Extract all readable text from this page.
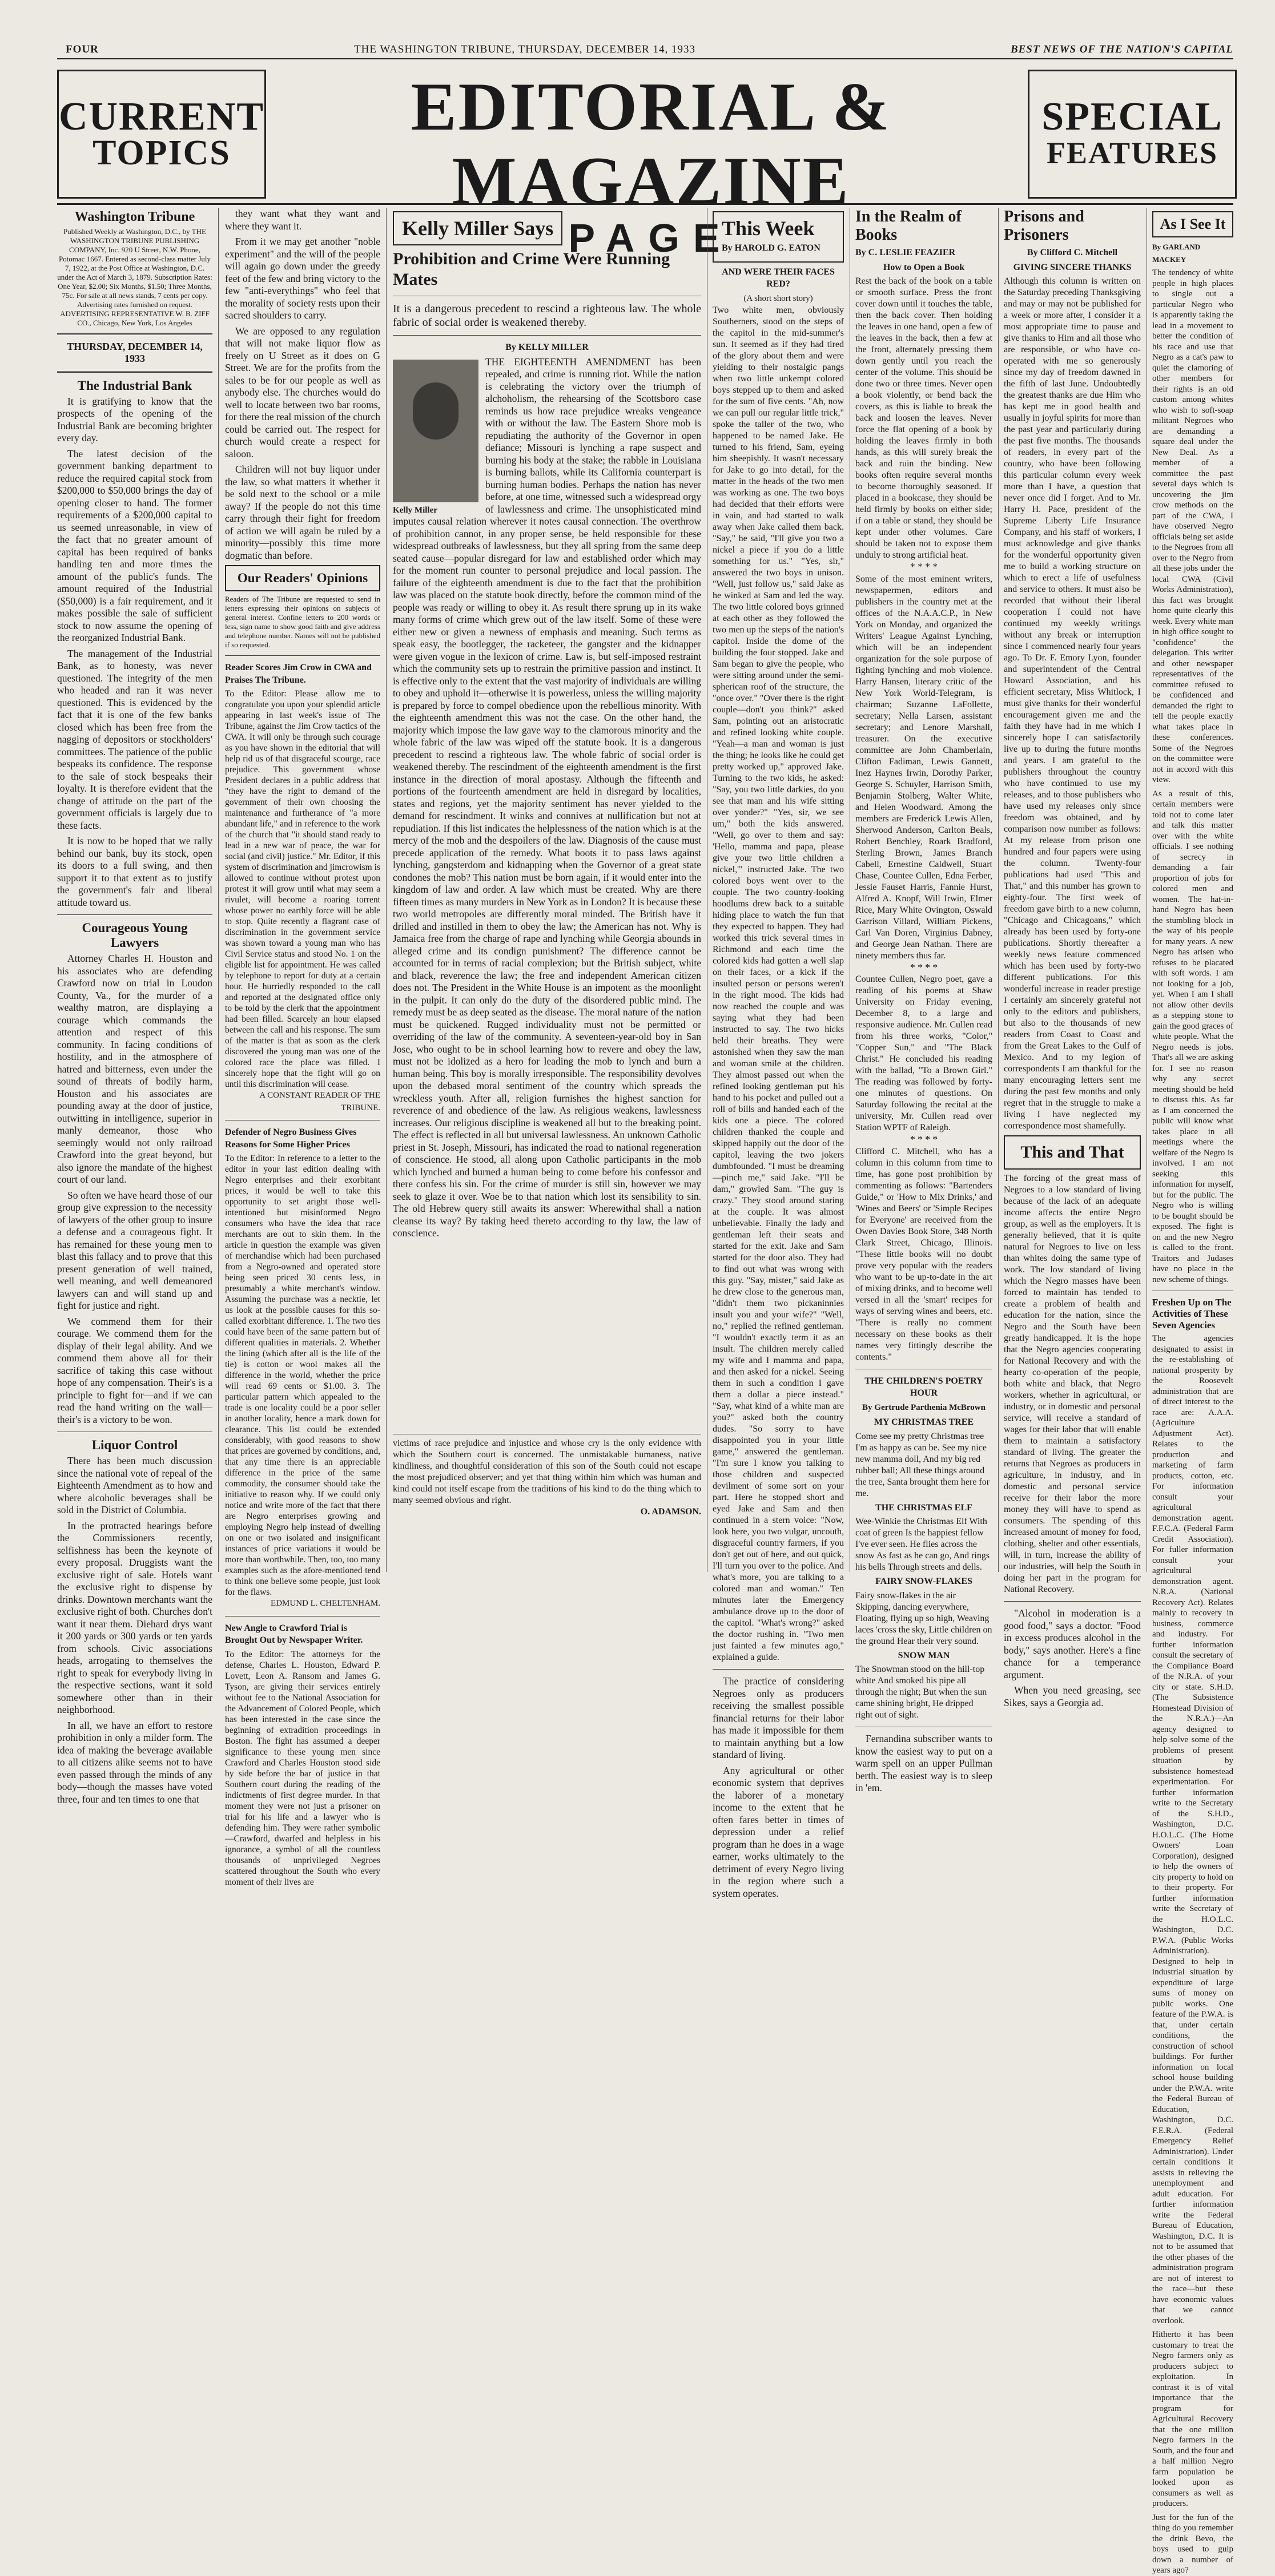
FOUR	THE WASHINGTON TRIBUNE, THURSDAY, DECEMBER 14, 1933	BEST NEWS OF THE NATION'S CAPITAL
CURRENT
TOPICS
EDITORIAL & MAGAZINE
PAGE
SPECIAL
FEATURES
Washington Tribune
Published Weekly at Washington, D.C., by THE WASHINGTON TRIBUNE PUBLISHING COMPANY, Inc. 920 U Street, N.W. Phone, Potomac 1667. Entered as second-class matter July 7, 1922, at the Post Office at Washington, D.C. under the Act of March 3, 1879. Subscription Rates: One Year, $2.00; Six Months, $1.50; Three Months, 75c. For sale at all news stands, 7 cents per copy. Advertising rates furnished on request. ADVERTISING REPRESENTATIVE W. B. ZIFF CO., Chicago, New York, Los Angeles
THURSDAY, DECEMBER 14, 1933
The Industrial Bank

It is gratifying to know that the prospects of the opening of the Industrial Bank are becoming brighter every day.

The latest decision of the government banking department to reduce the required capital stock from $200,000 to $50,000 brings the day of opening closer to hand. The former requirements of a $200,000 capital to us seemed unreasonable, in view of the fact that no greater amount of capital has been required of banks handling ten and more times the amount of the public's funds. The amount required of the Industrial ($50,000) is a fair requirement, and it makes possible the sale of sufficient stock to now assume the opening of the reorganized Industrial Bank.

The management of the Industrial Bank, as to honesty, was never questioned. The integrity of the men who headed and ran it was never questioned. This is evidenced by the fact that it is one of the few banks closed which has been free from the nagging of depositors or stockholders' committees. The patience of the public bespeaks its confidence. The response to the sale of stock bespeaks their loyalty. It is therefore evident that the change of attitude on the part of the government officials is largely due to these facts.

It is now to be hoped that we rally behind our bank, buy its stock, open its doors to a full swing, and then support it to that extent as to justify the government's fair and liberal attitude toward us.

Courageous Young Lawyers

Attorney Charles H. Houston and his associates who are defending Crawford now on trial in Loudon County, Va., for the murder of a wealthy matron, are displaying a courage which commands the attention and respect of this community. In facing conditions of hostility, and in the atmosphere of hatred and bitterness, even under the sound of threats of bodily harm, Houston and his associates are pounding away at the door of justice, outwitting in intelligence, superior in manly demeanor, those who seemingly would not only railroad Crawford into the great beyond, but also ignore the mandate of the highest court of our land.

So often we have heard those of our group give expression to the necessity of lawyers of the other group to insure a defense and a courageous fight. It has remained for these young men to blast this fallacy and to prove that this present generation of well trained, well meaning, and well demeanored lawyers can and will stand up and fight for justice and right.

We commend them for their courage. We commend them for the display of their legal ability. And we commend them above all for their sacrifice of taking this case without hope of any compensation. Their's is a principle to fight for—and if we can read the hand writing on the wall—their's is a victory to be won.

Liquor Control

There has been much discussion since the national vote of repeal of the Eighteenth Amendment as to how and where alcoholic beverages shall be sold in the District of Columbia.

In the protracted hearings before the Commissioners recently, selfishness has been the keynote of every proposal. Druggists want the exclusive right of sale. Hotels want the exclusive right to dispense by drinks. Downtown merchants want the exclusive right of both. Churches don't want it near them. Diehard drys want it 200 yards or 300 yards or ten yards from schools. Civic associations heads, arrogating to themselves the right to speak for everybody living in the respective sections, want it sold somewhere other than in their neighborhood.

In all, we have an effort to restore prohibition in only a milder form. The idea of making the beverage available to all citizens alike seems not to have even passed through the minds of any body—though the masses have voted three, four and ten times to one that

they want what they want and where they want it.

From it we may get another "noble experiment" and the will of the people will again go down under the greedy feet of the few and bring victory to the few "anti-everythings" who feel that the morality of society rests upon their sacred shoulders to carry.

We are opposed to any regulation that will not make liquor flow as freely on U Street as it does on G Street. We are for the profits from the sales to be for our people as well as anybody else. The churches would do well to locate between two bar rooms, for there the real mission of the church could be carried out. The respect for church would create a respect for saloon.

Children will not buy liquor under the law, so what matters it whether it be sold next to the school or a mile away? If the people do not this time carry through their fight for freedom of action we will again be ruled by a minority—possibly this time more dogmatic than before.

Our Readers' Opinions
Readers of The Tribune are requested to send in letters expressing their opinions on subjects of general interest. Confine letters to 200 words or less, sign name to show good faith and give address and telephone number. Names will not be published if so requested.
Reader Scores Jim Crow in CWA and Praises The Tribune.
To the Editor: Please allow me to congratulate you upon your splendid article appearing in last week's issue of The Tribune, against the Jim Crow tactics of the CWA. It will only be through such courage as you have shown in the editorial that will help rid us of that disgraceful scourge, race prejudice. This government whose President declares in a public address that "they have the right to demand of the government of their own choosing the maintenance and furtherance of "a more abundant life," and in reference to the work of the church that "it should stand ready to lead in a new war of peace, the war for social (and civil) justice." Mr. Editor, if this system of discrimination and jimcrowism is allowed to continue without protest upon protest it will grow until what may seem a rivulet, will become a roaring torrent whose power no earthly force will be able to stop. Quite recently a flagrant case of discrimination in the government service was shown toward a young man who has Civil Service status and stood No. 1 on the eligible list for appointment. He was called by telephone to report for duty at a certain hour. He hurriedly responded to the call and reported at the designated office only to be told by the clerk that the appointment had been filled. Scarcely an hour elapsed between the call and his response. The sum of the matter is that as soon as the clerk discovered the young man was one of the colored race the place was filled. I sincerely hope that the fight will go on until this discrimination will cease.
A CONSTANT READER OF THE TRIBUNE.
Defender of Negro Business Gives Reasons for Some Higher Prices
To the Editor: In reference to a letter to the editor in your last edition dealing with Negro enterprises and their exorbitant prices, it would be well to take this opportunity to set aright those well-intentioned but misinformed Negro consumers who have the idea that race merchants are out to skin them. In the article in question the example was given of merchandise which had been purchased from a Negro-owned and operated store being seen priced 30 cents less, in presumably a white merchant's window. Assuming the purchase was a necktie, let us look at the possible causes for this so-called exorbitant difference. 1. The two ties could have been of the same pattern but of different qualities in materials. 2. Whether the lining (which after all is the life of the tie) is cotton or wool makes all the difference in the world, whether the price will read 69 cents or $1.00. 3. The particular pattern which appealed to the trade is one locality could be a poor seller in another locality, hence a mark down for clearance. This list could be extended considerably, with good reasons to show that prices are governed by conditions, and, that any time there is an appreciable difference in the price of the same commodity, the consumer should take the initiative to reason why. If we could only notice and write more of the fact that there are Negro enterprises growing and employing Negro help instead of dwelling on one or two isolated and insignificant instances of price variations it would be more than worthwhile. Then, too, too many examples such as the afore-mentioned tend to think one believe some people, just look for the flaws.
EDMUND L. CHELTENHAM.
New Angle to Crawford Trial is Brought Out by Newspaper Writer.
To the Editor: The attorneys for the defense, Charles L. Houston, Edward P. Lovett, Leon A. Ransom and James G. Tyson, are giving their services entirely without fee to the National Association for the Advancement of Colored People, which has been interested in the case since the beginning of extradition proceedings in Boston. The fight has assumed a deeper significance to these young men since Crawford and Charles Houston stood side by side before the bar of justice in that Southern court during the reading of the indictments of first degree murder. In that moment they were not just a prisoner on trial for his life and a lawyer who is defending him. They were rather symbolic—Crawford, dwarfed and helpless in his ignorance, a symbol of all the countless thousands of unprivileged Negroes scattered throughout the South who every moment of their lives are
Kelly Miller Says
Prohibition and Crime Were Running Mates
It is a dangerous precedent to rescind a righteous law. The whole fabric of social order is weakened thereby.
By KELLY MILLER
Kelly Miller
THE EIGHTEENTH AMENDMENT has been repealed, and crime is running riot. While the nation is celebrating the victory over the triumph of alchoholism, the rehearsing of the Scottsboro case reminds us how race prejudice wreaks vengeance with or without the law. The Eastern Shore mob is repudiating the authority of the Governor in open defiance; Missouri is lynching a rape suspect and burning his body at the stake; the rabble in Louisiana is burning ballots, while its California counterpart is burning human bodies. Perhaps the nation has never before, at one time, witnessed such a widespread orgy of lawlessness and crime. The unsophisticated mind imputes causal relation wherever it notes causal connection. The overthrow of prohibition cannot, in any proper sense, be held responsible for these widespread outbreaks of lawlessness, but they all spring from the same deep seated cause—popular disregard for law and established order which may for the moment run counter to personal prejudice and local passion. The failure of the eighteenth amendment is due to the fact that the prohibition law was placed on the statute book directly, before the common mind of the people was ready or willing to obey it. As result there sprung up in its wake many forms of crime which grew out of the law itself. Some of these were either new or given a newness of emphasis and meaning. Such terms as speak easy, the bootlegger, the racketeer, the gangster and the kidnapper were given vogue in the lexicon of crime. Law is, but self-imposed restraint which the community sets up to restrain the primitive passion and instinct. It is effective only to the extent that the vast majority of individuals are willing to obey and uphold it—otherwise it is powerless, unless the willing majority is prepared by force to compel obedience upon the rebellious minority. With the eighteenth amendment this was not the case. On the other hand, the majority which impose the law gave way to the clamorous minority and the whole fabric of the law was wiped off the statute book. It is a dangerous precedent to rescind a righteous law. The whole fabric of social order is weakened thereby. The rescindment of the eighteenth amendment is the first instance in the direction of moral apostasy. Although the fifteenth and portions of the fourteenth amendment are held in disregard by localities, states and regions, yet the majority sentiment has never yielded to the demand for rescindment. It winks and connives at nullification but not at repudiation. If this list indicates the helplessness of the nation which is at the mercy of the mob and the despoilers of the law. Diagnosis of the cause must precede application of the remedy. What boots it to pass laws against lynching, gangsterdom and kidnapping when the Governor of a great state condones the mob? This nation must be born again, if it would enter into the kingdom of law and order. A law which must be created. Why are there fifteen times as many murders in New York as in London? It is because these two world metropoles are differently moral minded. The British have it drilled and instilled in them to obey the law; the American has not. Why is Jamaica free from the charge of rape and lynching while Georgia abounds in alleged crime and its condign punishment? The difference cannot be accounted for in terms of racial complexion; but the British subject, white and black, reverence the law; the free and independent American citizen does not. The President in the White House is an impotent as the moonlight in the pulpit. It can only do the duty of the disordered public mind. The remedy must be as deep seated as the disease. The moral nature of the nation must be quickened. Rugged individuality must not be permitted or overriding of the law of the community. A seventeen-year-old boy in San Jose, who ought to be in school learning how to revere and obey the law, must not be idolized as a hero for leading the mob to lynch and burn a human being. This boy is morally irresponsible. The responsibility devolves upon the debased moral sentiment of the country which spreads the wreckless youth. After all, religion furnishes the highest sanction for reverence of and obedience of the law. As religious weakens, lawlessness increases. Our religious discipline is weakened all but to the breaking point. The effect is reflected in all but universal lawlessness. An unknown Catholic priest in St. Joseph, Missouri, has indicated the road to national regeneration of conscience. He stood, all along upon Catholic participants in the mob which lynched and burned a human being to come before his confessor and there confess his sin. For the crime of murder is still sin, however we may seek to glaze it over. Woe be to that nation which lost its sensibility to sin. The old Hebrew query still awaits its answer: Wherewithal shall a nation cleanse its way? By taking heed thereto according to thy law, the law of conscience.
This Week
By HAROLD G. EATON
AND WERE THEIR FACES RED?
(A short short story)
Two white men, obviously Southerners, stood on the steps of the capitol in the mid-summer's sun. It seemed as if they had tired of the glory about them and were yielding to their nostalgic pangs when two little unkempt colored boys stepped up to them and asked for the sum of five cents. "Ah, now we can pull our regular little trick," spoke the taller of the two, who happened to be named Jake. He turned to his friend, Sam, eyeing him sheepishly. It wasn't necessary for Jake to go into detail, for the matter in the heads of the two men was working as one. The two boys had decided that their efforts were in vain, and had started to walk away when Jake called them back. "Say," he said, "I'll give you two a nickel a piece if you do a little something for us." "Yes, sir," answered the two boys in unison. "Well, just follow us," said Jake as he winked at Sam and led the way. The two little colored boys grinned at each other as they followed the two men up the steps of the nation's capitol. Inside the dome of the building the four stopped. Jake and Sam began to give the people, who were sitting around under the semi-spherican roof of the structure, the "once over." "Over there is the right couple—don't you think?" asked Sam, pointing out an aristocratic and refined looking white couple. "Yeah—a man and woman is just the thing; he looks like he could get pretty worked up," approved Jake. Turning to the two kids, he asked: "Say, you two little darkies, do you see that man and his wife sitting over yonder?" "Yes, sir, we see um," both the kids answered. "Well, go over to them and say: 'Hello, mamma and papa, please give your two little children a nickel,'" instructed Jake. The two colored boys went over to the couple. The two country-looking hoodlums drew back to a suitable hiding place to watch the fun that they expected to happen. They had worked this trick several times in Richmond and each time the colored kids had gotten a well slap on their faces, or a kick if the insulted person or persons weren't in the right mood. The kids had now reached the couple and was saying what they had been instructed to say. The two hicks held their breaths. They were astonished when they saw the man and woman smile at the children. They almost passed out when the refined looking gentleman put his hand to his pocket and pulled out a roll of bills and handed each of the kids one a piece. The colored children thanked the couple and skipped happily out the door of the capitol, leaving the two jokers dumbfounded. "I must be dreaming—pinch me," said Jake. "I'll be dam," growled Sam. "The guy is crazy." They stood around staring at the couple. It was almost unbelievable. Finally the lady and gentleman left their seats and started for the exit. Jake and Sam started for the door also. They had to find out what was wrong with this guy. "Say, mister," said Jake as he drew close to the generous man, "didn't them two pickaninnies insult you and your wife?" "Well, no," replied the refined gentleman. "I wouldn't exactly term it as an insult. The children merely called my wife and I mamma and papa, and then asked for a nickel. Seeing them in such a condition I gave them a dollar a piece instead." "Say, what kind of a white man are you?" asked both the country dudes. "So sorry to have disappointed you in your little game," answered the gentleman. "I'm sure I know you talking to those children and suspected devilment of some sort on your part. Here he stopped short and eyed Jake and Sam and then continued in a stern voice: "Now, look here, you two vulgar, uncouth, disgraceful country farmers, if you don't get out of here, and out quick, I'll turn you over to the police. And what's more, you are talking to a colored man and woman." Ten minutes later the Emergency ambulance drove up to the door of the capitol. "What's wrong?" asked the doctor rushing in. "Two men just fainted a few minutes ago," explained a guide.

The practice of considering Negroes only as producers receiving the smallest possible financial returns for their labor has made it impossible for them to maintain anything but a low standard of living.

Any agricultural or other economic system that deprives the laborer of a monetary income to the extent that he often fares better in times of depression under a relief program than he does in a wage earner, works ultimately to the detriment of every Negro living in the region where such a system operates.

In the Realm of Books
By C. LESLIE FEAZIER
How to Open a Book
Rest the back of the book on a table or smooth surface. Press the front cover down until it touches the table, then the back cover. Then holding the leaves in one hand, open a few of the leaves in the back, then a few at the front, alternately pressing them down gently until you reach the center of the volume. This should be done two or three times. Never open a book violently, or bend back the covers, as this is liable to break the back and loosen the leaves. Never force the flat opening of a book by holding the leaves firmly in both hands, as this will surely break the back and ruin the binding. New books often require several months to become thoroughly seasoned. If placed in a bookcase, they should be held firmly by books on either side; if on a table or stand, they should be kept under other volumes. Care should be taken not to expose them unduly to strong artificial heat.
* * * *
Some of the most eminent writers, newspapermen, editors and publishers in the country met at the offices of the N.A.A.C.P., in New York on Monday, and organized the Writers' League Against Lynching, which will be an independent organization for the sole purpose of fighting lynching and mob violence. Harry Hansen, literary critic of the New York World-Telegram, is chairman; Suzanne LaFollette, secretary; Nella Larsen, assistant secretary; and Lenore Marshall, treasurer. On the executive committee are John Chamberlain, Clifton Fadiman, Lewis Gannett, Inez Haynes Irwin, Dorothy Parker, George S. Schuyler, Harrison Smith, Benjamin Stolberg, Walter White, and Helen Woodward. Among the members are Frederick Lewis Allen, Sherwood Anderson, Carlton Beals, Robert Benchley, Roark Bradford, Sterling Brown, James Branch Cabell, Ernestine Caldwell, Stuart Chase, Countee Cullen, Edna Ferber, Jessie Fauset Harris, Fannie Hurst, Alfred A. Knopf, Will Irwin, Elmer Rice, Mary White Ovington, Oswald Garrison Villard, William Pickens, Carl Van Doren, Virginius Dabney, and George Jean Nathan. There are ninety members thus far.
* * * *
Countee Cullen, Negro poet, gave a reading of his poems at Shaw University on Friday evening, December 8, to a large and responsive audience. Mr. Cullen read from his three works, "Color," "Copper Sun," and "The Black Christ." He concluded his reading with the ballad, "To a Brown Girl." The reading was followed by forty-one minutes of questions. On Saturday following the recital at the university, Mr. Cullen read over Station WPTF of Raleigh.
* * * *
Clifford C. Mitchell, who has a column in this column from time to time, has gone post prohibition by commenting as follows: "Bartenders Guide," or 'How to Mix Drinks,' and 'Wines and Beers' or 'Simple Recipes for Everyone' are received from the Owen Davies Book Store, 348 North Clark Street, Chicago, Illinois. "These little books will no doubt prove very popular with the readers who want to be up-to-date in the art of mixing drinks, and to become well versed in all the 'smart' recipes for ways of serving wines and beers, etc. "There is really no comment necessary on these books as their names very fittingly describe the contents."
THE CHILDREN'S POETRY HOUR
By Gertrude Parthenia McBrown
MY CHRISTMAS TREE
Come see my pretty Christmas tree I'm as happy as can be. See my nice new mamma doll, And my big red rubber ball; All these things around the tree, Santa brought them here for me.
THE CHRISTMAS ELF
Wee-Winkie the Christmas Elf With coat of green Is the happiest fellow I've ever seen. He flies across the snow As fast as he can go, And rings his bells Through streets and dells.
FAIRY SNOW-FLAKES
Fairy snow-flakes in the air Skipping, dancing everywhere, Floating, flying up so high, Weaving laces 'cross the sky, Little children on the ground Hear their very sound.
SNOW MAN
The Snowman stood on the hill-top white And smoked his pipe all through the night; But when the sun came shining bright, He dripped right out of sight.

Fernandina subscriber wants to know the easiest way to put on a warm spell on an upper Pullman berth. The easiest way is to sleep in 'em.

Prisons and Prisoners
By Clifford C. Mitchell
GIVING SINCERE THANKS
Although this column is written on the Saturday preceding Thanksgiving and may or may not be published for a week or more after, I consider it a most appropriate time to pause and give thanks to Him and all those who are responsible, or who have co-operated with me so generously since my day of freedom dawned in the fifth of last June. Undoubtedly the greatest thanks are due Him who has kept me in good health and usually in joyful spirits for more than the past year and particularly during the past five months. The thousands of readers, in every part of the country, who have been following this particular column every week more than I have, a question that never once did I forget. And to Mr. Harry H. Pace, president of the Supreme Liberty Life Insurance Company, and his staff of workers, I must acknowledge and give thanks for the wonderful opportunity given me to build a working structure on which to erect a life of usefulness and service to others. It must also be recorded that without their liberal cooperation I could not have continued my weekly writings without any break or interruption since I commenced nearly four years ago. To Dr. F. Emory Lyon, founder and superintendent of the Central Howard Association, and his efficient secretary, Miss Whitlock, I must give thanks for their wonderful encouragement given me and the faith they have had in me which I sincerely hope I can satisfactorily live up to during the future months and years. I am grateful to the publishers throughout the country who have continued to use my releases, and to those publishers who have used my releases only since freedom was obtained, and by comparison now number as follows: At my release from prison one hundred and four papers were using the column. Twenty-four publications had used "This and That," and this number has grown to eighty-four. The first week of freedom gave birth to a new column, "Chicago and Chicagoans," which already has been used by forty-one publications. Shortly thereafter a weekly news feature commenced which has been used by forty-two different publications. For this wonderful increase in reader prestige I certainly am sincerely grateful not only to the editors and publishers, but also to the thousands of new readers from Coast to Coast and from the Great Lakes to the Gulf of Mexico. And to my legion of correspondents I am thankful for the many encouraging letters sent me during the past few months and only regret that in the struggle to make a living I have neglected my correspondence most shamefully.
This and That
The forcing of the great mass of Negroes to a low standard of living because of the lack of an adequate income affects the entire Negro group, as well as the employers. It is generally believed, that it is quite natural for Negroes to live on less than whites doing the same type of work. The low standard of living which the Negro masses have been forced to maintain has tended to create a problem of health and education for the nation, since the Negro and the South have been greatly handicapped. It is the hope that the Negro agencies cooperating for National Recovery and with the hearty co-operation of the people, both white and black, that Negro workers, whether in agricultural, or industry, or in domestic and personal service, will receive a standard of wages for their labor that will enable them to maintain a satisfactory standard of living. The greater the returns that Negroes as producers in agriculture, in industry, and in domestic and personal service receive for their labor the more money they will have to spend as consumers. The spending of this increased amount of money for food, clothing, shelter and other essentials, will, in turn, increase the ability of our industries, will help the South in doing her part in the program for National Recovery.

"Alcohol in moderation is a good food," says a doctor. "Food in excess produces alcohol in the body," says another. Here's a fine chance for a temperance argument.

When you need greasing, see Sikes, says a Georgia ad.

As I See It
By GARLAND MACKEY
The tendency of white people in high places to single out a particular Negro who is apparently taking the lead in a movement to better the condition of his race and use that Negro as a cat's paw to quiet the clamoring of other members for their rights is an old custom among whites who wish to soft-soap militant Negroes who are demanding a square deal under the New Deal. As a member of a committee the past several days which is uncovering the jim crow methods on the part of the CWA, I have observed Negro officials being set aside to the Negroes from all over to the Negro from all these jobs under the local CWA (Civil Works Administration), this fact was brought home quite clearly this week. Every white man in high office sought to "confidence" the delegation. This writer and other newspaper representatives of the committee refused to be confidenced and demanded the right to tell the people exactly what takes place in these conferences. Some of the Negroes on the committee were not in accord with this view.
As a result of this, certain members were told not to come later and talk this matter over with the white officials. I see nothing of secrecy in demanding a fair proportion of jobs for colored men and women. The hat-in-hand Negro has been the stumbling block in the way of his people for many years. A new Negro has arisen who refuses to be placated with soft words. I am not looking for a job, yet. When I am I shall not allow other devils as a stepping stone to gain the good graces of white people. What the Negro needs is jobs. That's all we are asking for. I see no reason why any secret meeting should be held to discuss this. As far as I am concerned the public will know what takes place in all meetings where the welfare of the Negro is involved. I am not seeking this information for myself, but for the public. The Negro who is willing to be bought should be exposed. The fight is on and the new Negro is called to the front. Traitors and Judases have no place in the new scheme of things.
Freshen Up on The Activities of These Seven Agencies
The agencies designated to assist in the re-establishing of national prosperity by the Roosevelt administration that are of direct interest to the race are: A.A.A. (Agriculture Adjustment Act). Relates to the production and marketing of farm products, cotton, etc. For information consult your agricultural demonstration agent. F.F.C.A. (Federal Farm Credit Association). For fuller information consult your agricultural demonstration agent. N.R.A. (National Recovery Act). Relates mainly to recovery in business, commerce and industry. For further information consult the secretary of the Compliance Board of the N.R.A. of your city or state. S.H.D. (The Subsistence Homestead Division of the N.R.A.)—An agency designed to help solve some of the problems of present situation by subsistence homestead experimentation. For further information write to the Secretary of the S.H.D., Washington, D.C. H.O.L.C. (The Home Owners' Loan Corporation), designed to help the owners of city property to hold on to their property. For further information write the Secretary of the H.O.L.C. Washington, D.C. P.W.A. (Public Works Administration). Designed to help in industrial situation by expenditure of large sums of money on public works. One feature of the P.W.A. is that, under certain conditions, the construction of school buildings. For further information on local school house building under the P.W.A. write the Federal Bureau of Education, Washington, D.C. F.E.R.A. (Federal Emergency Relief Administration). Under certain conditions it assists in relieving the unemployment and adult education. For further information write the Federal Bureau of Education, Washington, D.C. It is not to be assumed that the other phases of the administration program are not of interest to the race—but these have economic values that we cannot overlook.
Hitherto it has been customary to treat the Negro farmers only as producers subject to exploitation. In contrast it is of vital importance that the program for Agricultural Recovery that the one million Negro farmers in the South, and the four and a half million Negro farm population be looked upon as consumers as well as producers.
Just for the fun of the thing do you remember the drink Bevo, the boys used to gulp down a number of years ago?
victims of race prejudice and injustice and whose cry is the only evidence with which the Southern court is concerned. The unmistakable humaness, native kindliness, and thoughtful consideration of this son of the South could not escape the most prejudiced observer; and yet that thing within him which was human and kind could not itself escape from the traditions of his kind to do the thing which to many seemed obvious and right.
O. ADAMSON.
